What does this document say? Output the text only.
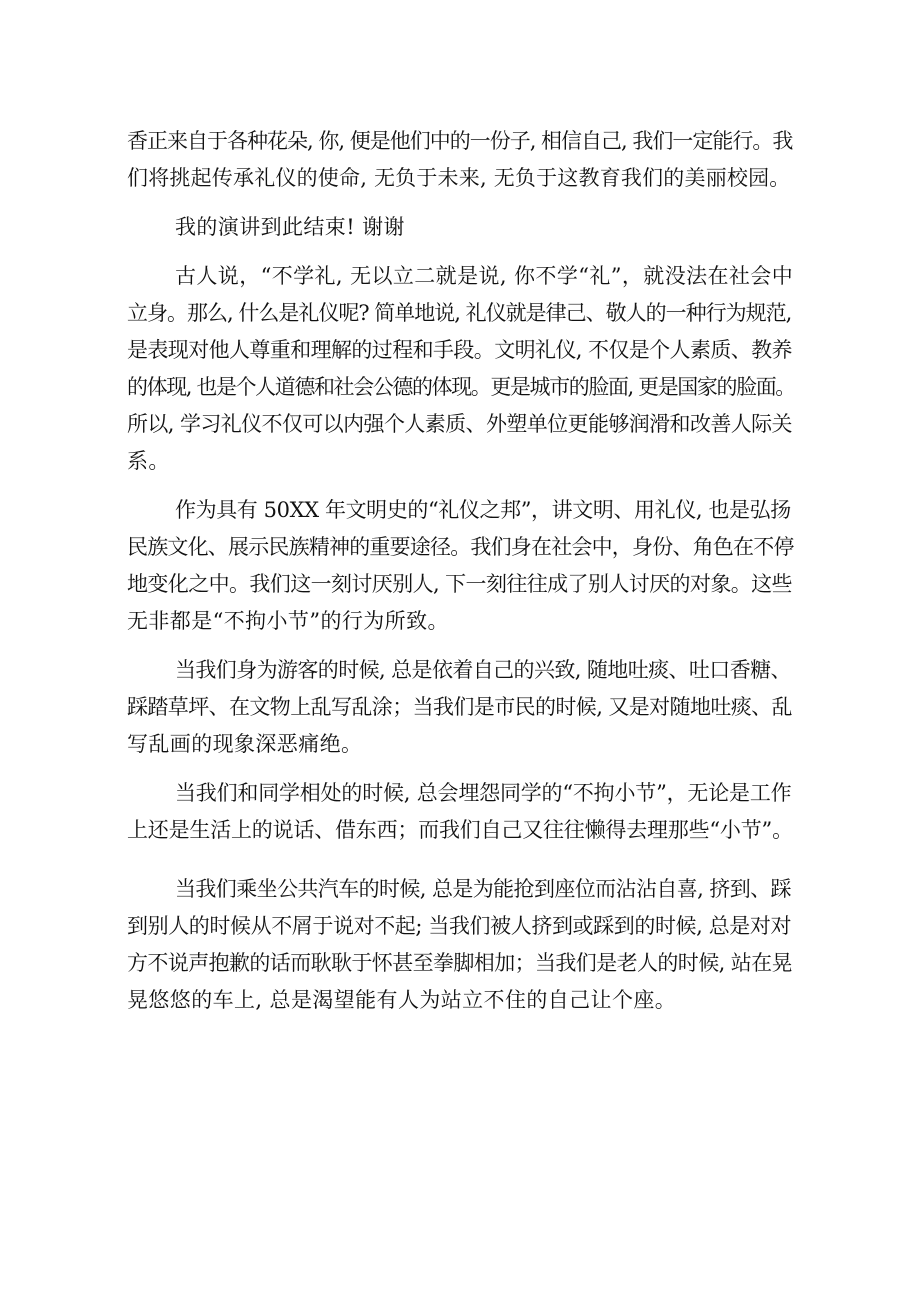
香正来自于各种花朵, 你, 便是他们中的一份子, 相信自己, 我们一定能行。我
们将挑起传承礼仪的使命, 无负于未来, 无负于这教育我们的美丽校园。
我的演讲到此结束! 谢谢
古人说，“不学礼, 无以立二就是说, 你不学“礼”，就没法在社会中
立身。那么, 什么是礼仪呢? 简单地说, 礼仪就是律己、敬人的一种行为规范,
是表现对他人尊重和理解的过程和手段。文明礼仪, 不仅是个人素质、教养
的体现, 也是个人道德和社会公德的体现。更是城市的脸面, 更是国家的脸面。
所以, 学习礼仪不仅可以内强个人素质、外塑单位更能够润滑和改善人际关
系。
作为具有 50XX 年文明史的“礼仪之邦”，讲文明、用礼仪, 也是弘扬
民族文化、展示民族精神的重要途径。我们身在社会中，身份、角色在不停
地变化之中。我们这一刻讨厌别人, 下一刻往往成了别人讨厌的对象。这些
无非都是“不拘小节”的行为所致。
当我们身为游客的时候, 总是依着自己的兴致, 随地吐痰、吐口香糖、
踩踏草坪、在文物上乱写乱涂；当我们是市民的时候, 又是对随地吐痰、乱
写乱画的现象深恶痛绝。
当我们和同学相处的时候, 总会埋怨同学的“不拘小节”，无论是工作
上还是生活上的说话、借东西；而我们自己又往往懒得去理那些“小节”。
当我们乘坐公共汽车的时候, 总是为能抢到座位而沾沾自喜, 挤到、踩
到别人的时候从不屑于说对不起; 当我们被人挤到或踩到的时候, 总是对对
方不说声抱歉的话而耿耿于怀甚至拳脚相加；当我们是老人的时候, 站在晃
晃悠悠的车上, 总是渴望能有人为站立不住的自己让个座。
